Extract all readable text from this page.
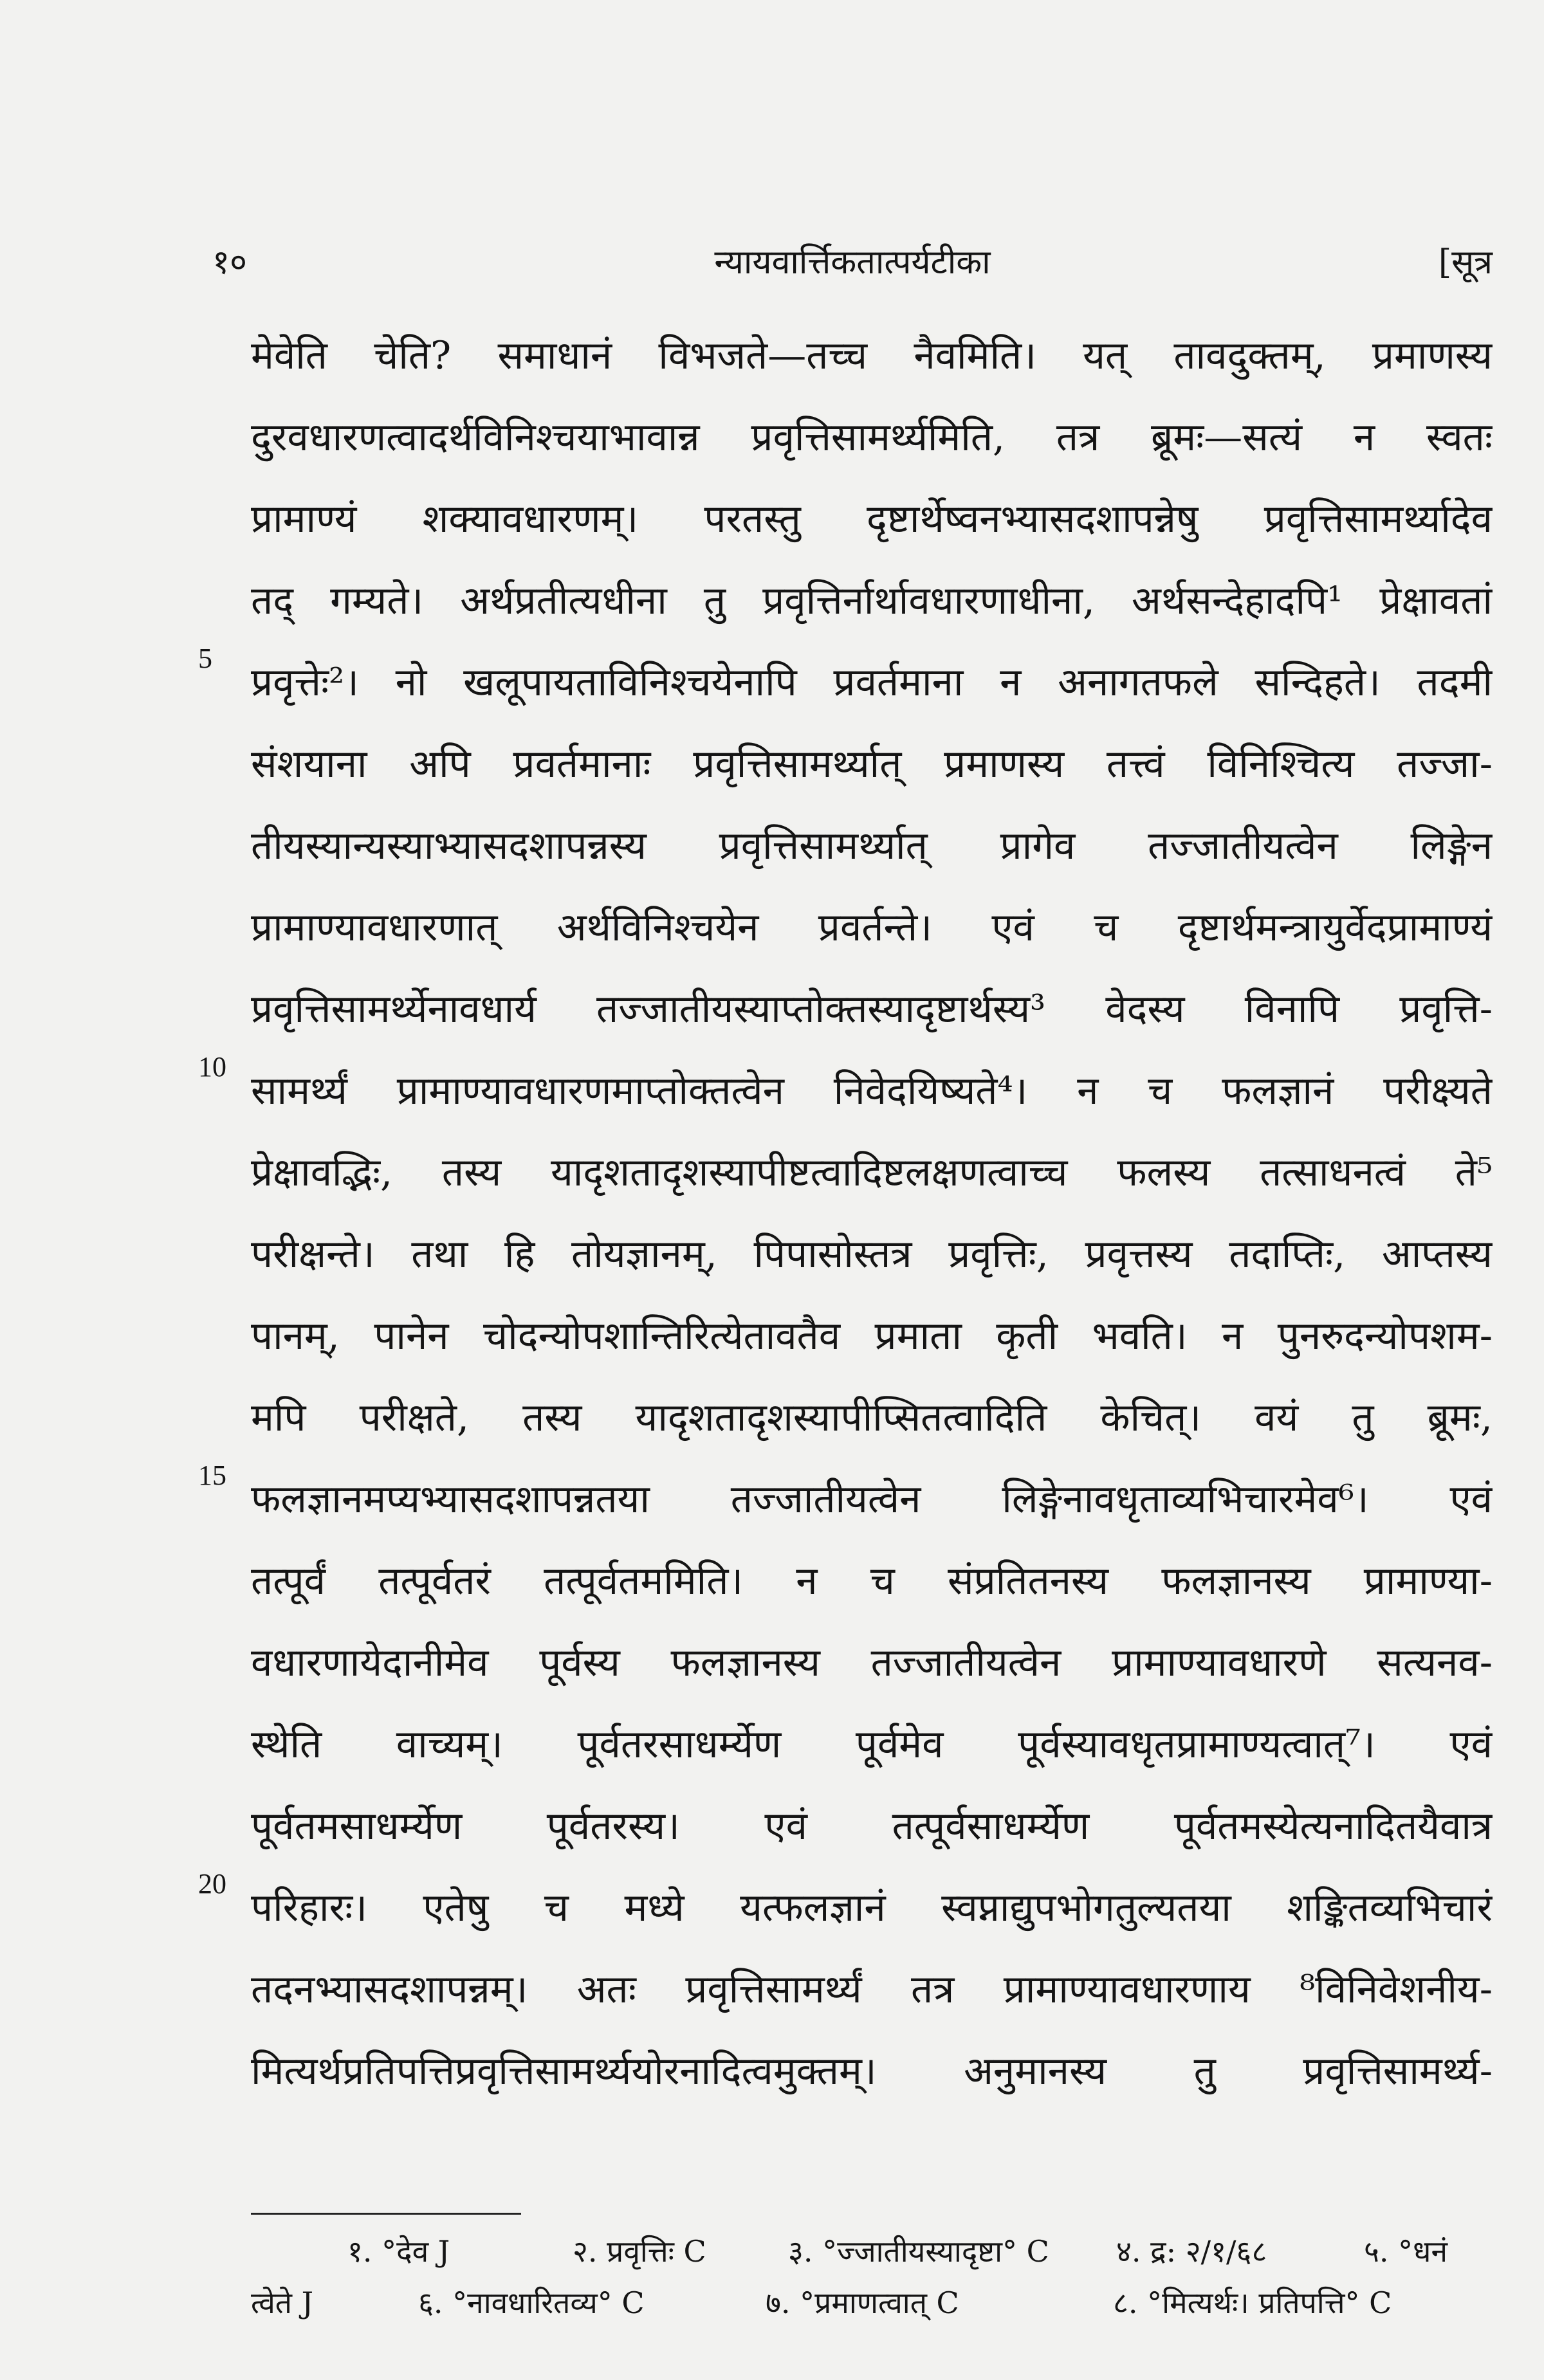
१०	न्यायवार्त्तिकतात्पर्यटीका	[सूत्र
5
10
15
20
मेवेति चेति? समाधानं विभजते—तच्च नैवमिति। यत् तावदुक्तम्, प्रमाणस्य
दुरवधारणत्वादर्थविनिश्चयाभावान्न प्रवृत्तिसामर्थ्यमिति, तत्र ब्रूमः—सत्यं न स्वतः
प्रामाण्यं शक्यावधारणम्। परतस्तु दृष्टार्थेष्वनभ्यासदशापन्नेषु प्रवृत्तिसामर्थ्यादेव
तद् गम्यते। अर्थप्रतीत्यधीना तु प्रवृत्तिर्नार्थावधारणाधीना, अर्थसन्देहादपि¹ प्रेक्षावतां
प्रवृत्तेः²। नो खलूपायताविनिश्चयेनापि प्रवर्तमाना न अनागतफले सन्दिहते। तदमी
संशयाना अपि प्रवर्तमानाः प्रवृत्तिसामर्थ्यात् प्रमाणस्य तत्त्वं विनिश्चित्य तज्जा-
तीयस्यान्यस्याभ्यासदशापन्नस्य प्रवृत्तिसामर्थ्यात् प्रागेव तज्जातीयत्वेन लिङ्गेन
प्रामाण्यावधारणात् अर्थविनिश्चयेन प्रवर्तन्ते। एवं च दृष्टार्थमन्त्रायुर्वेदप्रामाण्यं
प्रवृत्तिसामर्थ्येनावधार्य तज्जातीयस्याप्तोक्तस्यादृष्टार्थस्य³ वेदस्य विनापि प्रवृत्ति-
सामर्थ्यं प्रामाण्यावधारणमाप्तोक्तत्वेन निवेदयिष्यते⁴। न च फलज्ञानं परीक्ष्यते
प्रेक्षावद्भिः, तस्य यादृशतादृशस्यापीष्टत्वादिष्टलक्षणत्वाच्च फलस्य तत्साधनत्वं ते⁵
परीक्षन्ते। तथा हि तोयज्ञानम्, पिपासोस्तत्र प्रवृत्तिः, प्रवृत्तस्य तदाप्तिः, आप्तस्य
पानम्, पानेन चोदन्योपशान्तिरित्येतावतैव प्रमाता कृती भवति। न पुनरुदन्योपशम-
मपि परीक्षते, तस्य यादृशतादृशस्यापीप्सितत्वादिति केचित्। वयं तु ब्रूमः,
फलज्ञानमप्यभ्यासदशापन्नतया तज्जातीयत्वेन लिङ्गेनावधृताव्यभिचारमेव⁶। एवं
तत्पूर्वं तत्पूर्वतरं तत्पूर्वतममिति। न च संप्रतितनस्य फलज्ञानस्य प्रामाण्या-
वधारणायेदानीमेव पूर्वस्य फलज्ञानस्य तज्जातीयत्वेन प्रामाण्यावधारणे सत्यनव-
स्थेति वाच्यम्। पूर्वतरसाधर्म्येण पूर्वमेव पूर्वस्यावधृतप्रामाण्यत्वात्⁷। एवं
पूर्वतमसाधर्म्येण पूर्वतरस्य। एवं तत्पूर्वसाधर्म्येण पूर्वतमस्येत्यनादितयैवात्र
परिहारः। एतेषु च मध्ये यत्फलज्ञानं स्वप्नाद्युपभोगतुल्यतया शङ्कितव्यभिचारं
तदनभ्यासदशापन्नम्। अतः प्रवृत्तिसामर्थ्यं तत्र प्रामाण्यावधारणाय ⁸विनिवेशनीय-
मित्यर्थप्रतिपत्तिप्रवृत्तिसामर्थ्ययोरनादित्वमुक्तम्। अनुमानस्य तु प्रवृत्तिसामर्थ्य-
१. °देव J	२. प्रवृत्तिः C	३. °ज्जातीयस्यादृष्टा° C ४. द्र: २/१/६८	५. °धनं
त्वेते J	६. °नावधारितव्य° C	७. °प्रमाणत्वात् C	८. °मित्यर्थः। प्रतिपत्ति° C
